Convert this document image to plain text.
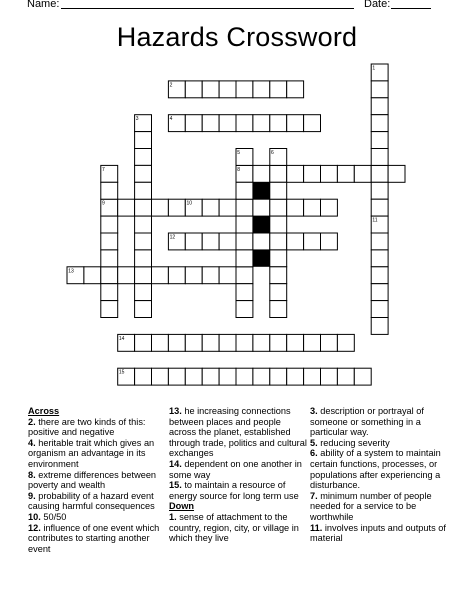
Name:	Date:
Hazards Crossword
1
2
3	4
5	6
7	8
9	10
11
12
13
14
15

Across

2. there are two kinds of this: positive and negative

4. heritable trait which gives an organism an advantage in its environment

8. extreme differences between poverty and wealth

9. probability of a hazard event causing harmful consequences

10. 50/50

12. influence of one event which contributes to starting another event

13. he increasing connections between places and people across the planet, established through trade, politics and cultural exchanges

14. dependent on one another in some way

15. to maintain a resource of energy source for long term use

Down

1. sense of attachment to the country, region, city, or village in which they live

3. description or portrayal of someone or something in a particular way.

5. reducing severity

6. ability of a system to maintain certain functions, processes, or populations after experiencing a disturbance.

7. minimum number of people needed for a service to be worthwhile

11. involves inputs and outputs of material
